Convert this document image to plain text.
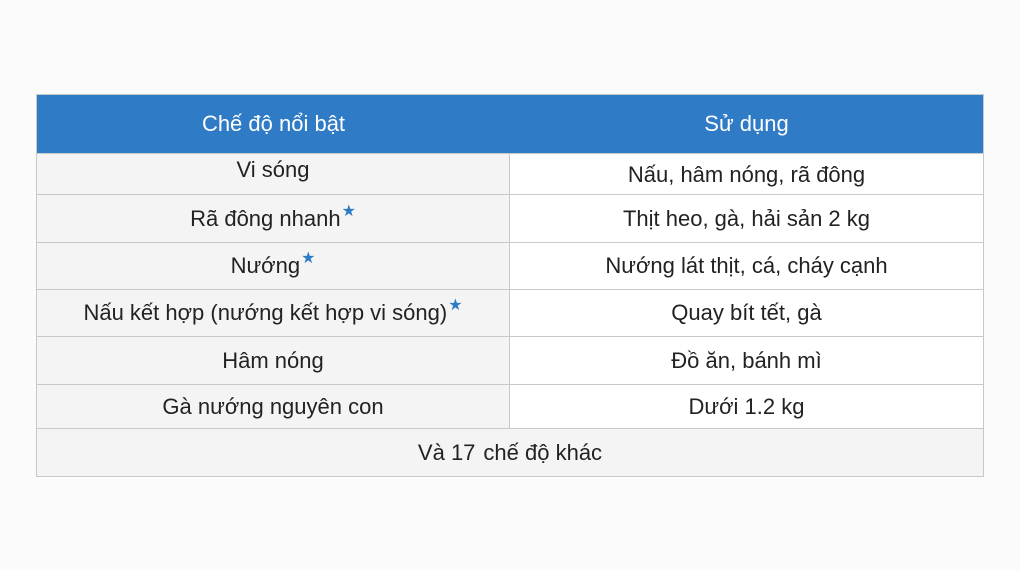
Chế độ nổi bật	Sử dụng
Vi sóng	Nấu, hâm nóng, rã đông
Rã đông nhanh ★	Thịt heo, gà, hải sản 2 kg
Nướng ★	Nướng lát thịt, cá, cháy cạnh
Nấu kết hợp (nướng kết hợp vi sóng) ★	Quay bít tết, gà
Hâm nóng	Đồ ăn, bánh mì
Gà nướng nguyên con	Dưới 1.2 kg
Và 17 chế độ khác
